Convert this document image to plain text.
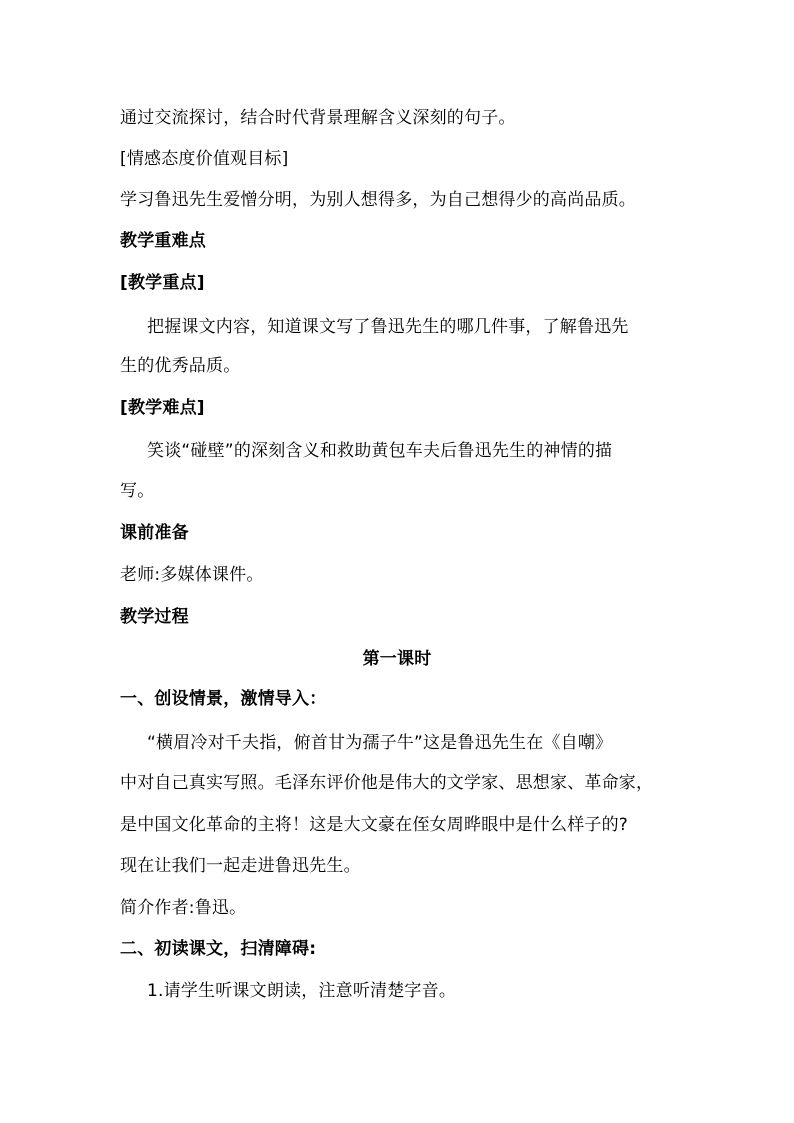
通过交流探讨，结合时代背景理解含义深刻的句子。
[情感态度价值观目标]
学习鲁迅先生爱憎分明，为别人想得多，为自己想得少的高尚品质。
教学重难点
[教学重点]
把握课文内容，知道课文写了鲁迅先生的哪几件事，了解鲁迅先
生的优秀品质。
[教学难点]
笑谈“碰壁”的深刻含义和救助黄包车夫后鲁迅先生的神情的描
写。
课前准备
老师:多媒体课件。
教学过程
第一课时
一、创设情景，激情导入：
“横眉冷对千夫指，俯首甘为孺子牛”这是鲁迅先生在《自嘲》
中对自己真实写照。毛泽东评价他是伟大的文学家、思想家、革命家，
是中国文化革命的主将！这是大文豪在侄女周晔眼中是什么样子的?
现在让我们一起走进鲁迅先生。
简介作者:鲁迅。
二、初读课文，扫清障碍:
1.请学生听课文朗读，注意听清楚字音。
